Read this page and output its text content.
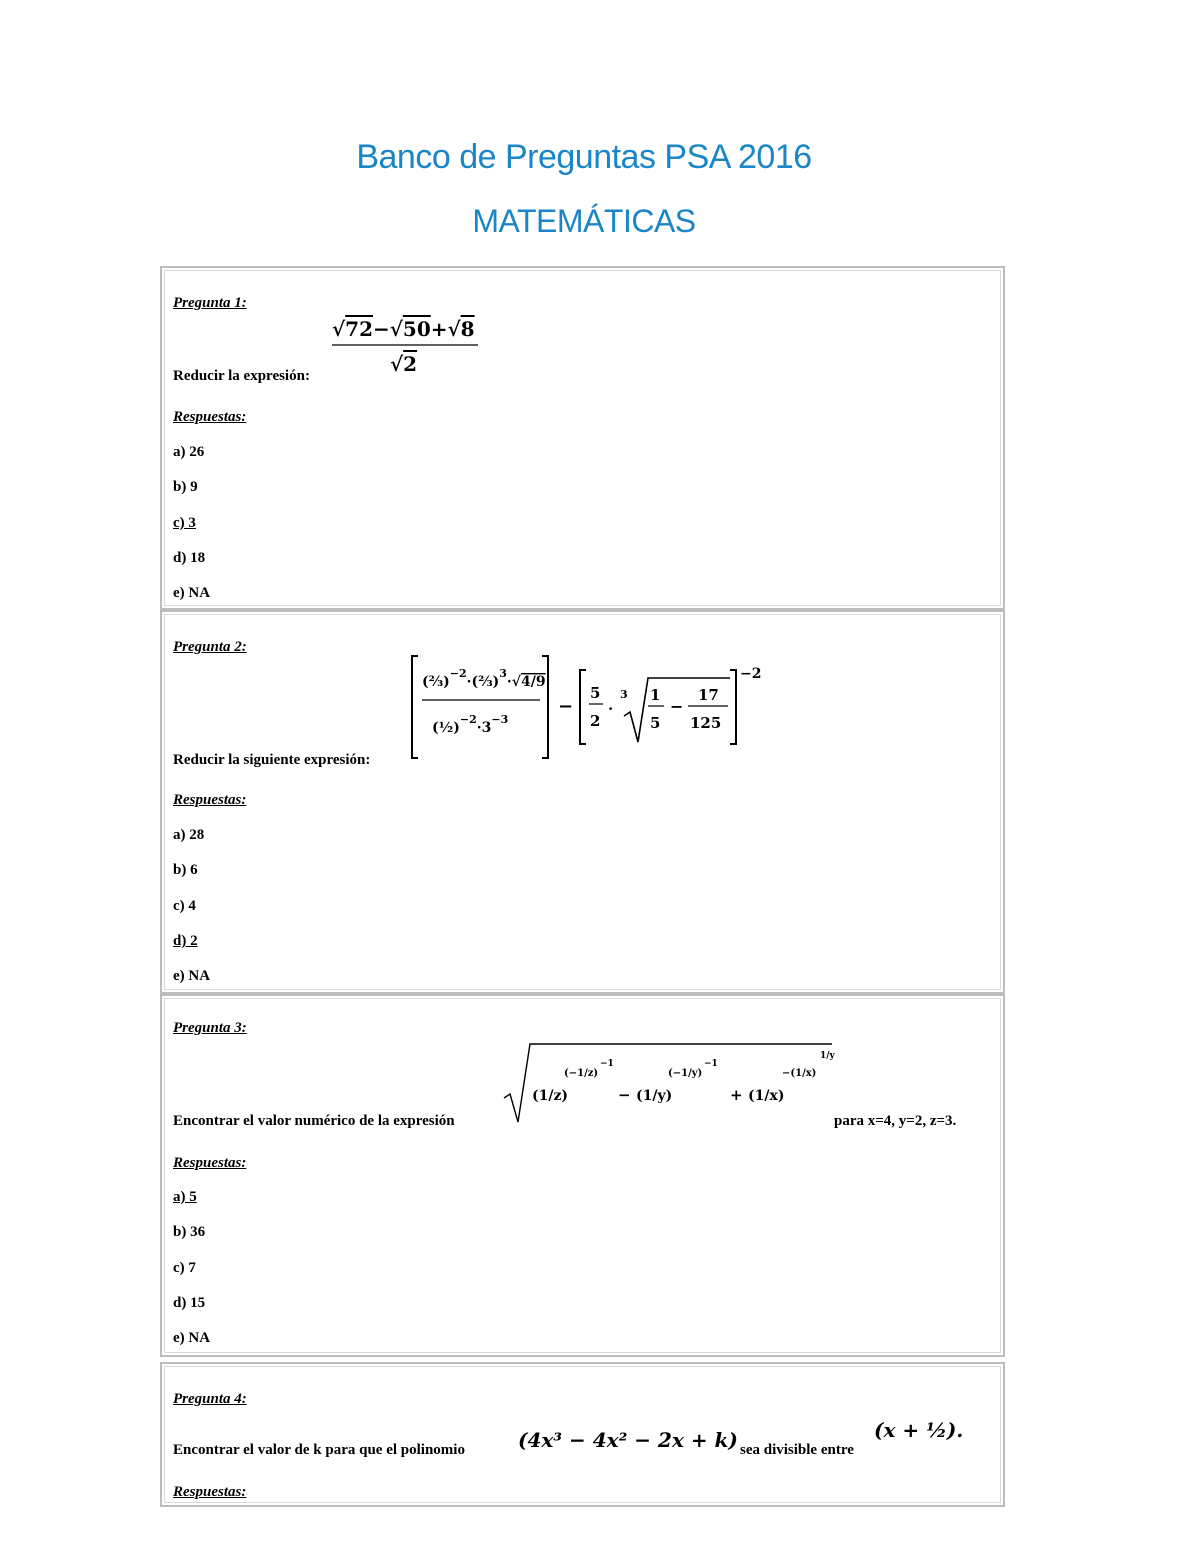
Banco de Preguntas PSA 2016
MATEMÁTICAS
Pregunta 1:
√72−√50+√8
√2
Reducir la expresión:
Respuestas:
a) 26
b) 9
c) 3
d) 18
e) NA
Pregunta 2:
(⅔)$^{-2}$·(⅔)$^3$·√4/9
$(\frac{1}{2})^{-2}\cdot 3^{-3}$
−
5
2
·
3 1
5
−
17
125
−2
Reducir la siguiente expresión:
Respuestas:
a) 28
b) 6
c) 4
d) 2
e) NA
Pregunta 3:
(1/z)
(−1/z)
−1
− (1/y)
(−1/y)
−1
+ (1/x)
−(1/x)
1/y
Encontrar el valor numérico de la expresión	para x=4, y=2, z=3.
Respuestas:
a) 5
b) 36
c) 7
d) 15
e) NA
Pregunta 4:
Encontrar el valor de k para que el polinomio	(4x³ − 4x² − 2x + k) sea divisible entre
(x + ½).
Respuestas:
